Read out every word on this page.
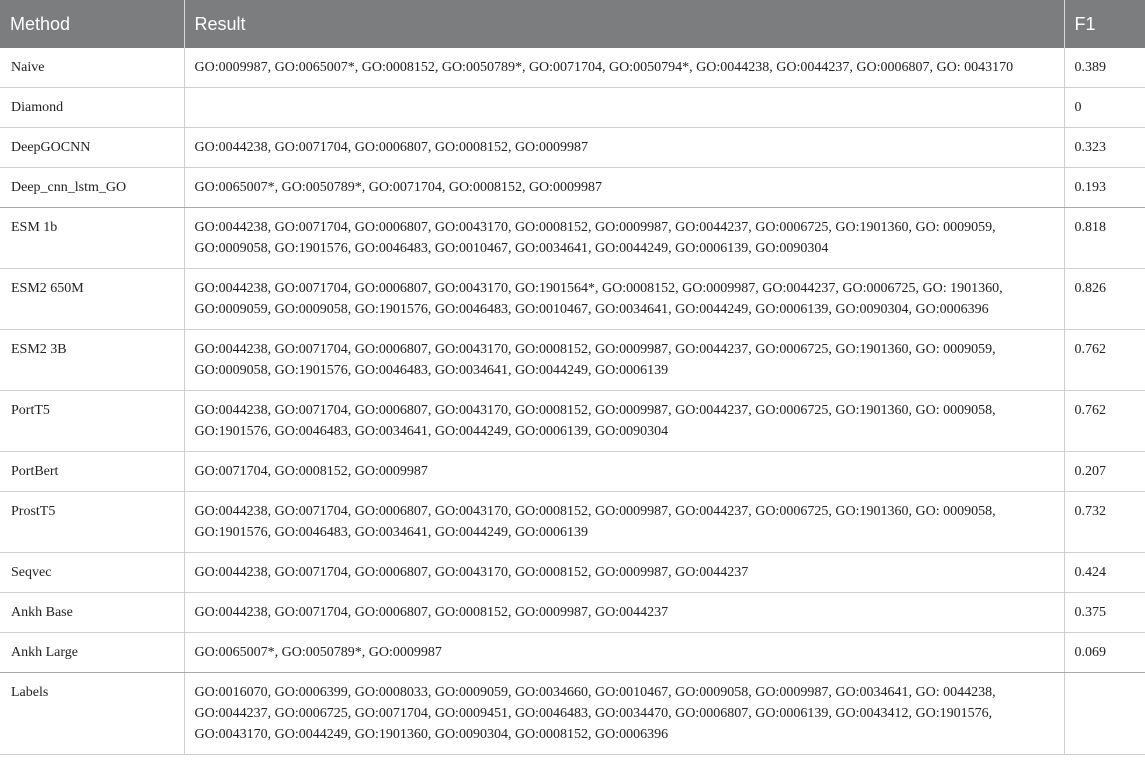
Method	Result	F1
Naive	GO:0009987, GO:0065007*, GO:0008152, GO:0050789*, GO:0071704, GO:0050794*, GO:0044238, GO:0044237, GO:0006807, GO: 0043170	0.389
Diamond		0
DeepGOCNN	GO:0044238, GO:0071704, GO:0006807, GO:0008152, GO:0009987	0.323
Deep_cnn_lstm_GO	GO:0065007*, GO:0050789*, GO:0071704, GO:0008152, GO:0009987	0.193
ESM 1b	GO:0044238, GO:0071704, GO:0006807, GO:0043170, GO:0008152, GO:0009987, GO:0044237, GO:0006725, GO:1901360, GO: 0009059, GO:0009058, GO:1901576, GO:0046483, GO:0010467, GO:0034641, GO:0044249, GO:0006139, GO:0090304	0.818
ESM2 650M	GO:0044238, GO:0071704, GO:0006807, GO:0043170, GO:1901564*, GO:0008152, GO:0009987, GO:0044237, GO:0006725, GO: 1901360, GO:0009059, GO:0009058, GO:1901576, GO:0046483, GO:0010467, GO:0034641, GO:0044249, GO:0006139, GO:0090304, GO:0006396	0.826
ESM2 3B	GO:0044238, GO:0071704, GO:0006807, GO:0043170, GO:0008152, GO:0009987, GO:0044237, GO:0006725, GO:1901360, GO: 0009059, GO:0009058, GO:1901576, GO:0046483, GO:0034641, GO:0044249, GO:0006139	0.762
PortT5	GO:0044238, GO:0071704, GO:0006807, GO:0043170, GO:0008152, GO:0009987, GO:0044237, GO:0006725, GO:1901360, GO: 0009058, GO:1901576, GO:0046483, GO:0034641, GO:0044249, GO:0006139, GO:0090304	0.762
PortBert	GO:0071704, GO:0008152, GO:0009987	0.207
ProstT5	GO:0044238, GO:0071704, GO:0006807, GO:0043170, GO:0008152, GO:0009987, GO:0044237, GO:0006725, GO:1901360, GO: 0009058, GO:1901576, GO:0046483, GO:0034641, GO:0044249, GO:0006139	0.732
Seqvec	GO:0044238, GO:0071704, GO:0006807, GO:0043170, GO:0008152, GO:0009987, GO:0044237	0.424
Ankh Base	GO:0044238, GO:0071704, GO:0006807, GO:0008152, GO:0009987, GO:0044237	0.375
Ankh Large	GO:0065007*, GO:0050789*, GO:0009987	0.069
Labels	GO:0016070, GO:0006399, GO:0008033, GO:0009059, GO:0034660, GO:0010467, GO:0009058, GO:0009987, GO:0034641, GO: 0044238, GO:0044237, GO:0006725, GO:0071704, GO:0009451, GO:0046483, GO:0034470, GO:0006807, GO:0006139, GO:0043412, GO:1901576, GO:0043170, GO:0044249, GO:1901360, GO:0090304, GO:0008152, GO:0006396	
